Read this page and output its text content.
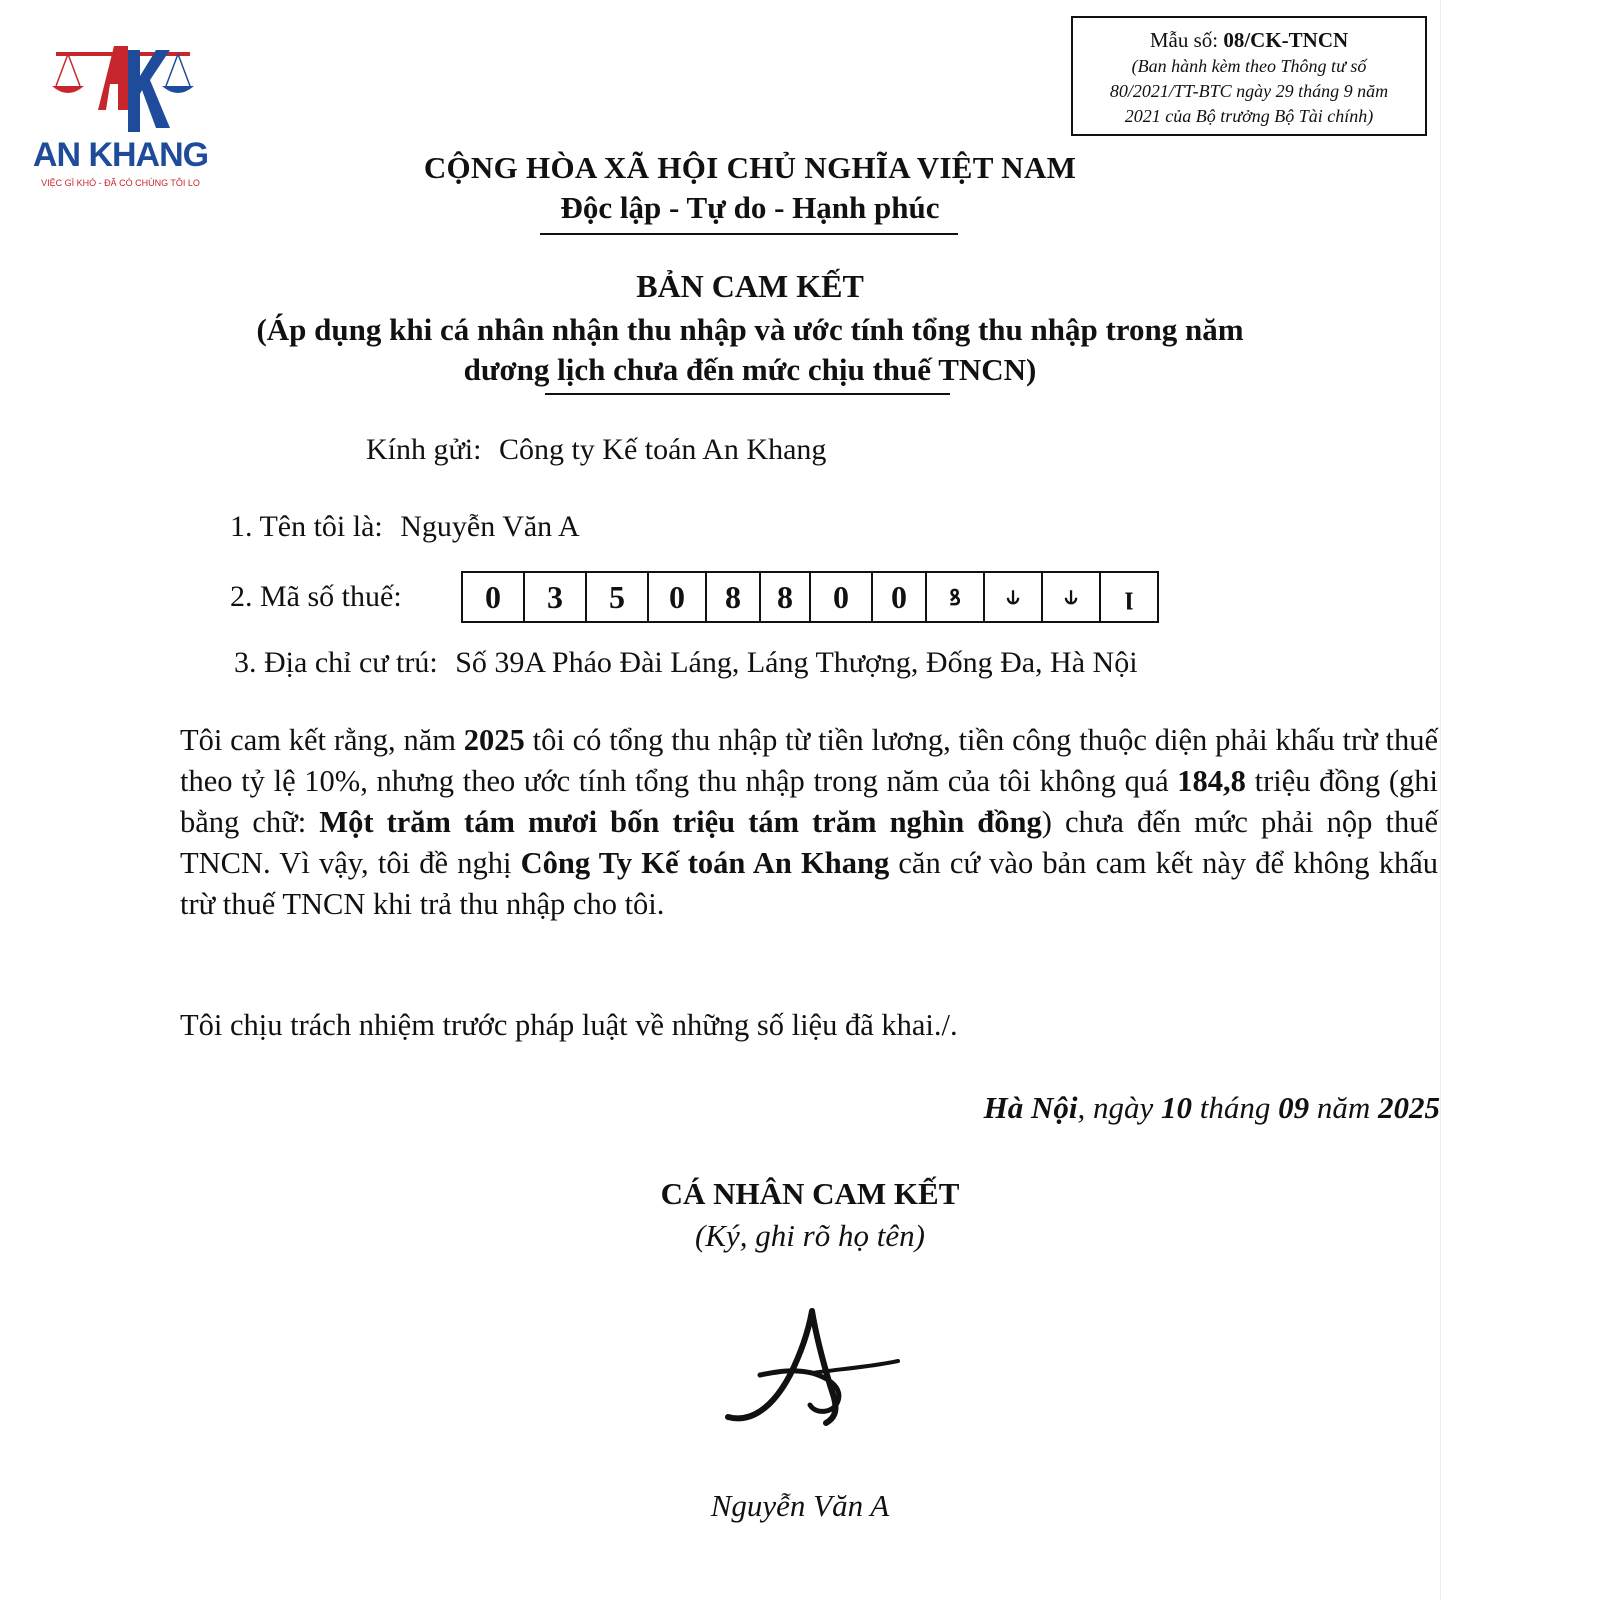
AN KHANG
VIỆC GÌ KHÓ - ĐÃ CÓ CHÚNG TÔI LO
Mẫu số: 08/CK-TNCN
(Ban hành kèm theo Thông tư số
80/2021/TT-BTC ngày 29 tháng 9 năm
2021 của Bộ trưởng Bộ Tài chính)
CỘNG HÒA XÃ HỘI CHỦ NGHĨA VIỆT NAM
Độc lập - Tự do - Hạnh phúc
BẢN CAM KẾT
(Áp dụng khi cá nhân nhận thu nhập và ước tính tổng thu nhập trong năm
dương lịch chưa đến mức chịu thuế TNCN)
Kính gửi: Công ty Kế toán An Khang
1. Tên tôi là: Nguyễn Văn A
2. Mã số thuế:	0	3	5	0	8	8	0	0	ꝸ	⫝	⫝	ꞁ
3. Địa chỉ cư trú: Số 39A Pháo Đài Láng, Láng Thượng, Đống Đa, Hà Nội
Tôi cam kết rằng, năm 2025 tôi có tổng thu nhập từ tiền lương, tiền công thuộc diện phải khấu trừ thuế theo tỷ lệ 10%, nhưng theo ước tính tổng thu nhập trong năm của tôi không quá 184,8 triệu đồng (ghi bằng chữ: Một trăm tám mươi bốn triệu tám trăm nghìn đồng) chưa đến mức phải nộp thuế TNCN. Vì vậy, tôi đề nghị Công Ty Kế toán An Khang căn cứ vào bản cam kết này để không khấu trừ thuế TNCN khi trả thu nhập cho tôi.
Tôi chịu trách nhiệm trước pháp luật về những số liệu đã khai./.
Hà Nội, ngày 10 tháng 09 năm 2025
CÁ NHÂN CAM KẾT
(Ký, ghi rõ họ tên)
Nguyễn Văn A
